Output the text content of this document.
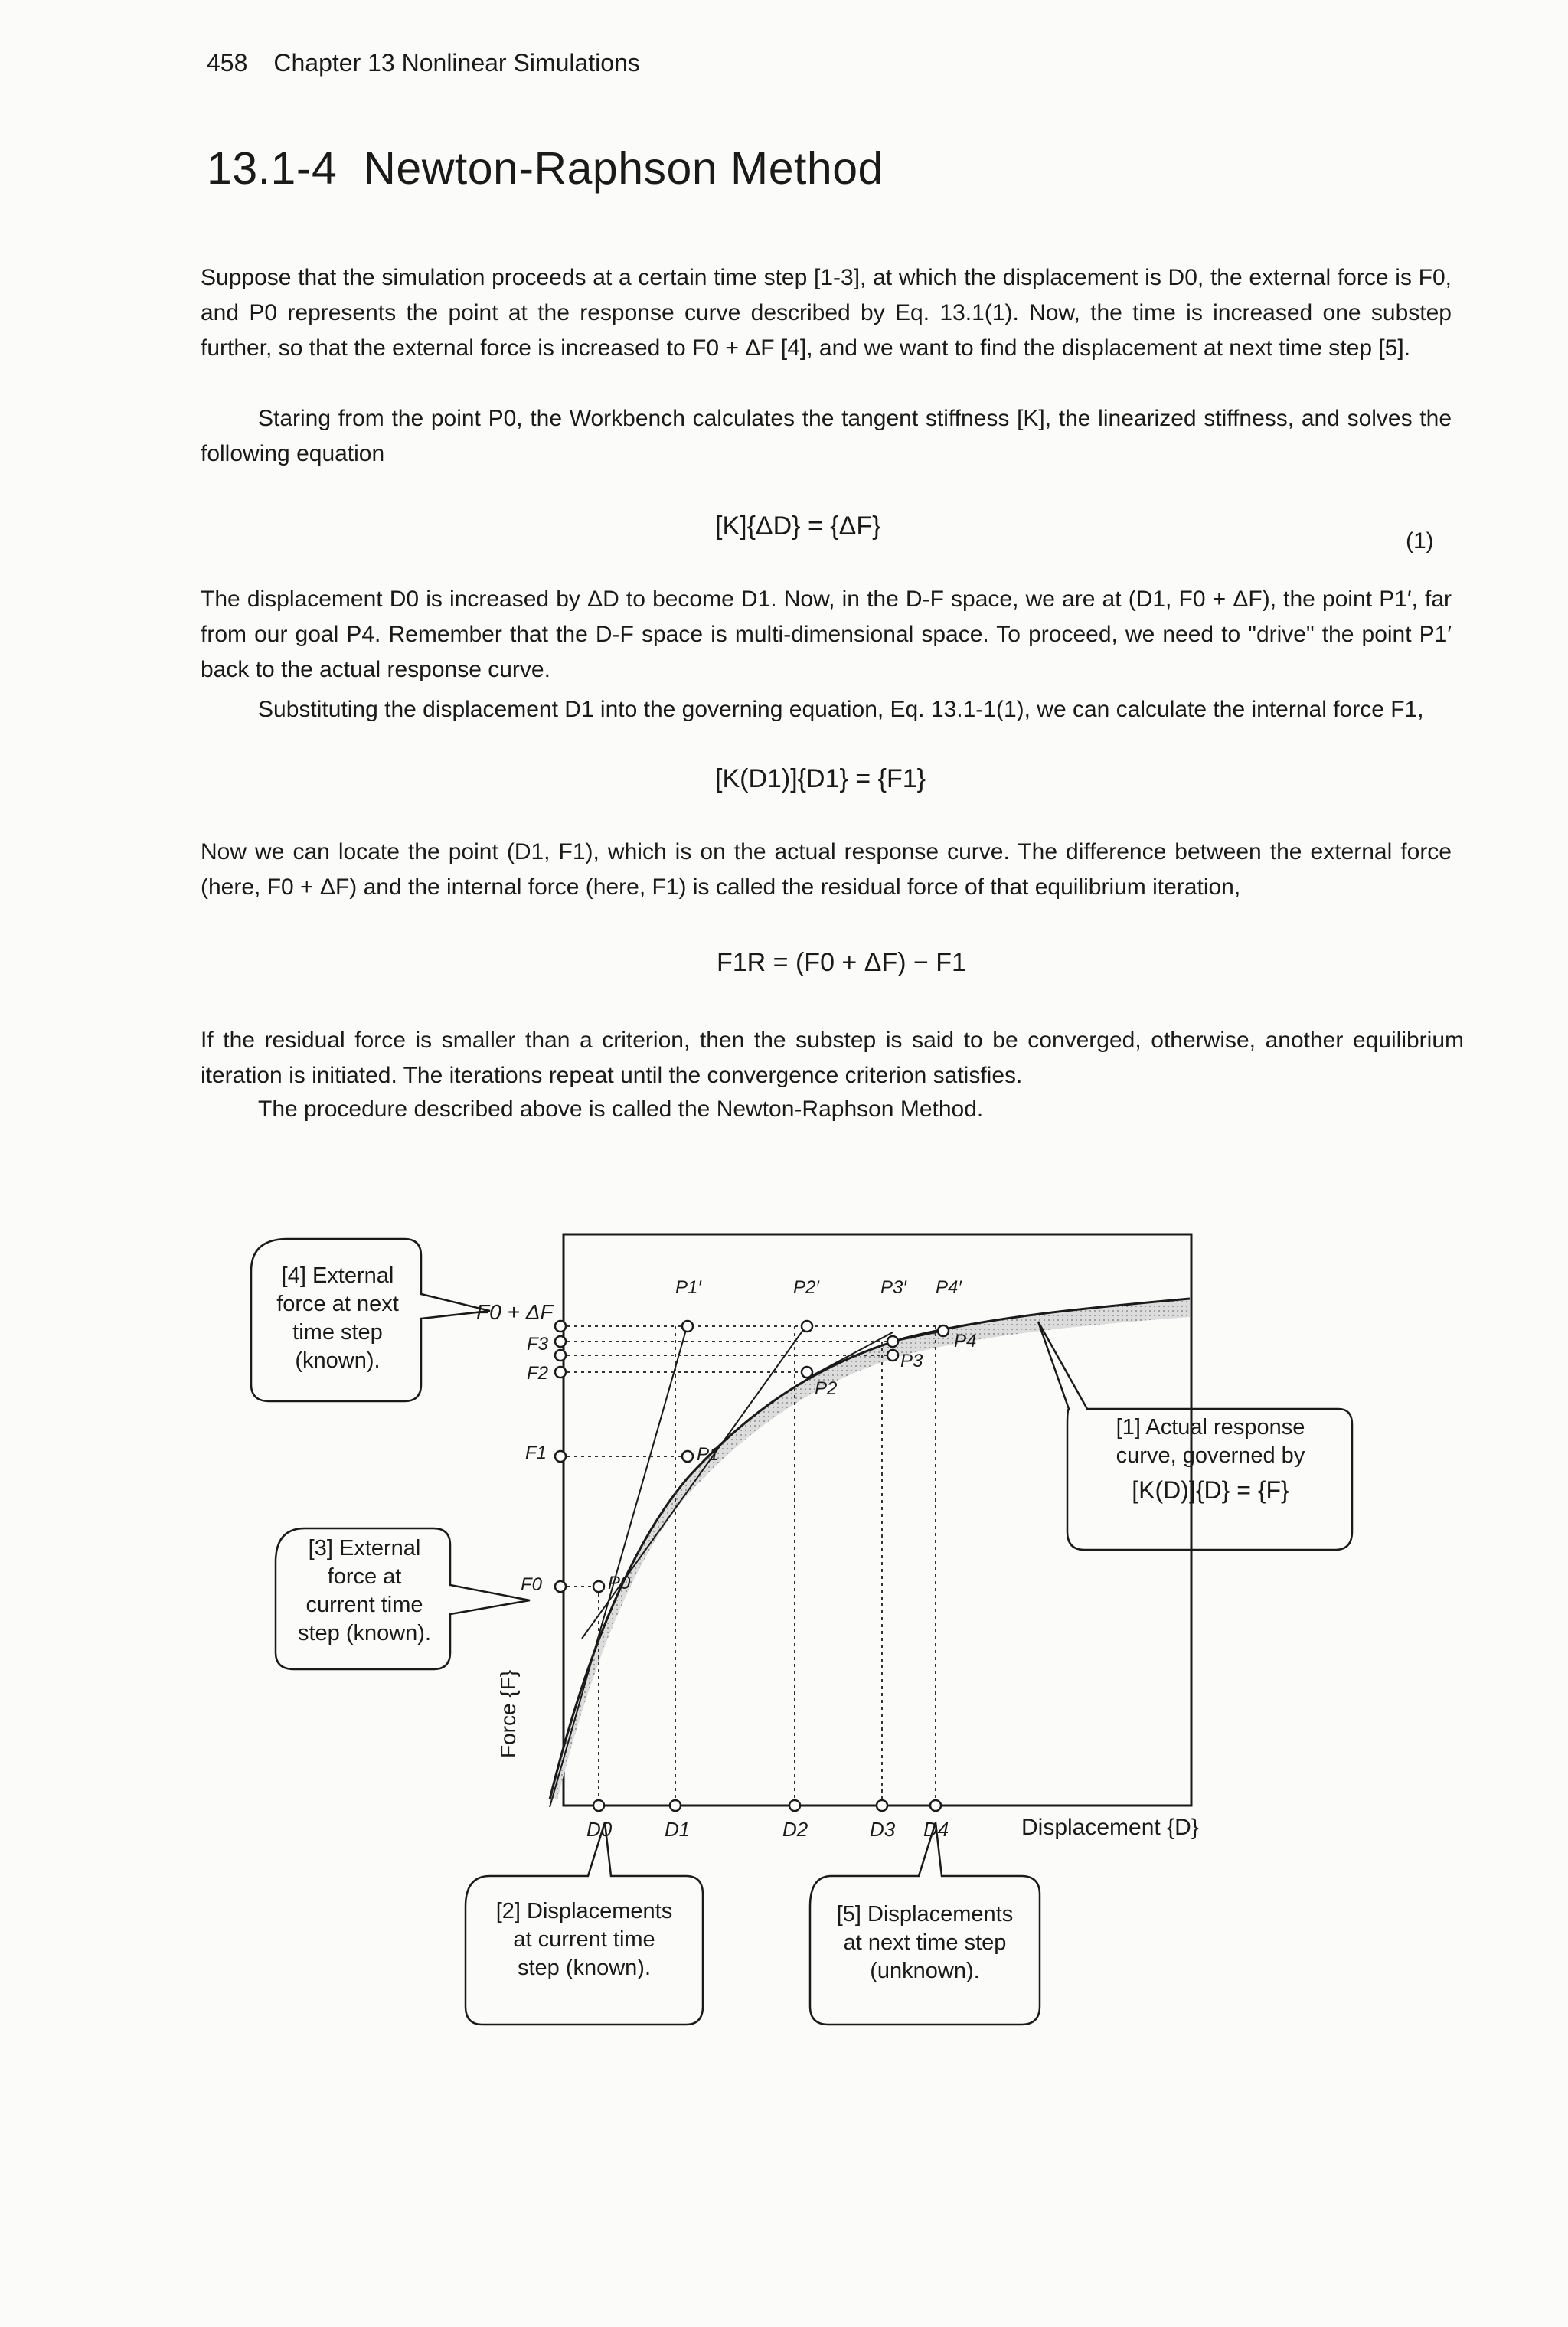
458 Chapter 13 Nonlinear Simulations
13.1-4 Newton-Raphson Method
Suppose that the simulation proceeds at a certain time step [1-3], at which the displacement is D0, the external force is F0, and P0 represents the point at the response curve described by Eq. 13.1(1). Now, the time is increased one substep further, so that the external force is increased to F0 + ΔF [4], and we want to find the displacement at next time step [5].
Staring from the point P0, the Workbench calculates the tangent stiffness [K], the linearized stiffness, and solves the following equation
[K]{ΔD} = {ΔF}
(1)
The displacement D0 is increased by ΔD to become D1. Now, in the D-F space, we are at (D1, F0 + ΔF), the point P1′, far from our goal P4. Remember that the D-F space is multi-dimensional space. To proceed, we need to "drive" the point P1′ back to the actual response curve.
Substituting the displacement D1 into the governing equation, Eq. 13.1-1(1), we can calculate the internal force F1,
[K(D1)]{D1} = {F1}
Now we can locate the point (D1, F1), which is on the actual response curve. The difference between the external force (here, F0 + ΔF) and the internal force (here, F1) is called the residual force of that equilibrium iteration,
F1R = (F0 + ΔF) − F1
If the residual force is smaller than a criterion, then the substep is said to be converged, otherwise, another equilibrium iteration is initiated. The iterations repeat until the convergence criterion satisfies.
The procedure described above is called the Newton-Raphson Method.
[4] External
force at next
time step
(known).
[3] External
force at
current time
step (known).
[1] Actual response
curve, governed by
[K(D)]{D} = {F}
[2] Displacements
at current time
step (known).
[5] Displacements
at next time step
(unknown).
F0 + ΔF
F3
F2
F1
F0
Force {F}
D0	D1	D2	D3 D4	Displacement {D}
P0
P1
P2
P3
P4
P1′	P2′	P3′ P4′
